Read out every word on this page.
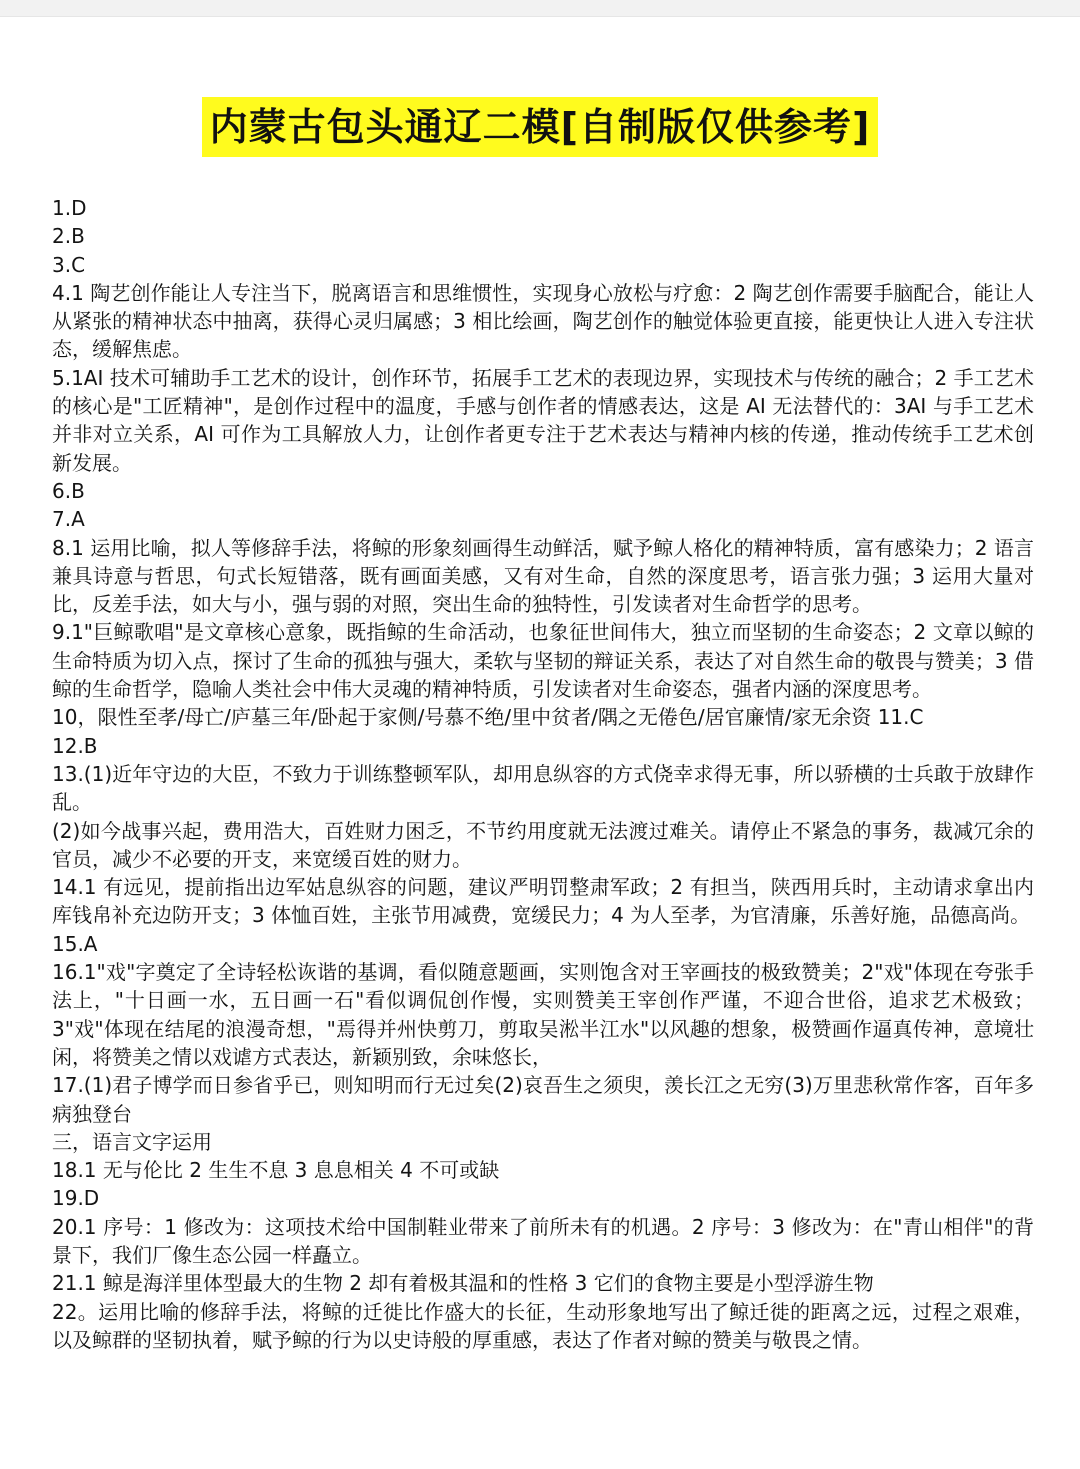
内蒙古包头通辽二模[自制版仅供参考]

1.D

2.B

3.C

4.1 陶艺创作能让人专注当下，脱离语言和思维惯性，实现身心放松与疗愈：2 陶艺创作需要手脑配合，能让人从紧张的精神状态中抽离，获得心灵归属感；3 相比绘画，陶艺创作的触觉体验更直接，能更快让人进入专注状态，缓解焦虑。

5.1AI 技术可辅助手工艺术的设计，创作环节，拓展手工艺术的表现边界，实现技术与传统的融合；2 手工艺术的核心是"工匠精神"，是创作过程中的温度，手感与创作者的情感表达，这是 AI 无法替代的：3AI 与手工艺术并非对立关系，AI 可作为工具解放人力，让创作者更专注于艺术表达与精神内核的传递，推动传统手工艺术创新发展。

6.B

7.A

8.1 运用比喻，拟人等修辞手法，将鲸的形象刻画得生动鲜活，赋予鲸人格化的精神特质，富有感染力；2 语言兼具诗意与哲思，句式长短错落，既有画面美感，又有对生命，自然的深度思考，语言张力强；3 运用大量对比，反差手法，如大与小，强与弱的对照，突出生命的独特性，引发读者对生命哲学的思考。

9.1"巨鲸歌唱"是文章核心意象，既指鲸的生命活动，也象征世间伟大，独立而坚韧的生命姿态；2 文章以鲸的生命特质为切入点，探讨了生命的孤独与强大，柔软与坚韧的辩证关系，表达了对自然生命的敬畏与赞美；3 借鲸的生命哲学，隐喻人类社会中伟大灵魂的精神特质，引发读者对生命姿态，强者内涵的深度思考。

10，限性至孝/母亡/庐墓三年/卧起于家侧/号慕不绝/里中贫者/隅之无倦色/居官廉情/家无余资 11.C

12.B

13.(1)近年守边的大臣，不致力于训练整顿军队，却用息纵容的方式侥幸求得无事，所以骄横的士兵敢于放肆作乱。

(2)如今战事兴起，费用浩大，百姓财力困乏，不节约用度就无法渡过难关。请停止不紧急的事务，裁减冗余的官员，减少不必要的开支，来宽缓百姓的财力。

14.1 有远见，提前指出边军姑息纵容的问题，建议严明罚整肃军政；2 有担当，陕西用兵时，主动请求拿出内库钱帛补充边防开支；3 体恤百姓，主张节用减费，宽缓民力；4 为人至孝，为官清廉，乐善好施，品德高尚。

15.A

16.1"戏"字奠定了全诗轻松诙谐的基调，看似随意题画，实则饱含对王宰画技的极致赞美；2"戏"体现在夸张手法上，"十日画一水，五日画一石"看似调侃创作慢，实则赞美王宰创作严谨，不迎合世俗，追求艺术极致；3"戏"体现在结尾的浪漫奇想，"焉得并州快剪刀，剪取吴淞半江水"以风趣的想象，极赞画作逼真传神，意境壮闲，将赞美之情以戏谑方式表达，新颖别致，余味悠长，

17.(1)君子博学而日参省乎已，则知明而行无过矣(2)哀吾生之须臾，羡长江之无穷(3)万里悲秋常作客，百年多病独登台

三，语言文字运用

18.1 无与伦比 2 生生不息 3 息息相关 4 不可或缺

19.D

20.1 序号：1 修改为：这项技术给中国制鞋业带来了前所未有的机遇。2 序号：3 修改为：在"青山相伴"的背景下，我们厂像生态公园一样矗立。

21.1 鲸是海洋里体型最大的生物 2 却有着极其温和的性格 3 它们的食物主要是小型浮游生物

22。运用比喻的修辞手法，将鲸的迁徙比作盛大的长征，生动形象地写出了鲸迁徙的距离之远，过程之艰难，以及鲸群的坚韧执着，赋予鲸的行为以史诗般的厚重感，表达了作者对鲸的赞美与敬畏之情。
